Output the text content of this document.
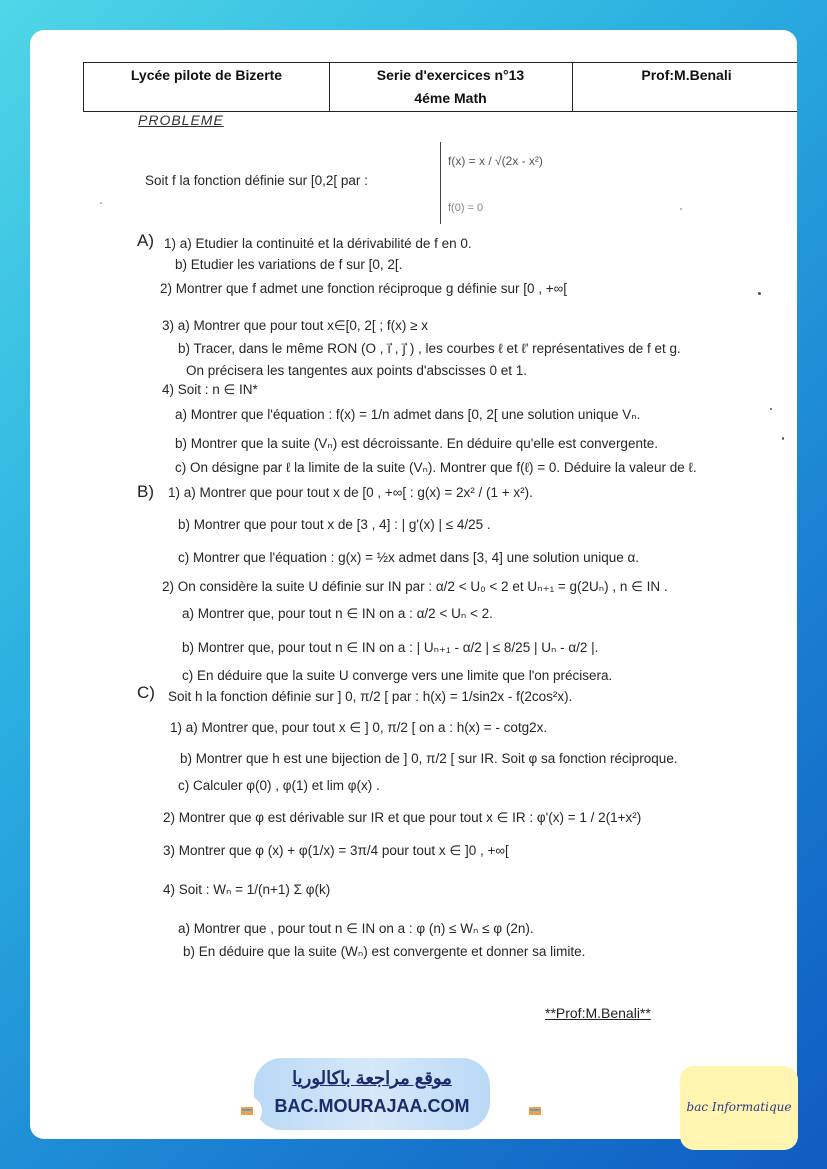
Lycée pilote de Bizerte	Serie d'exercices n°13
4éme Math
Prof:M.Benali
PROBLEME
Soit f la fonction définie sur [0,2[ par :
f(x) = x / √(2x - x²)
f(0) = 0
A) 1) a) Etudier la continuité et la dérivabilité de f en 0.
b) Etudier les variations de f sur [0, 2[.
2) Montrer que f admet une fonction réciproque g définie sur [0 , +∞[
3) a) Montrer que pour tout x∈[0, 2[ ; f(x) ≥ x
b) Tracer, dans le même RON (O , i⃗ , j⃗ ) , les courbes ℓ et ℓ' représentatives de f et g.
On précisera les tangentes aux points d'abscisses 0 et 1.
4) Soit : n ∈ IN*
a) Montrer que l'équation : f(x) = 1/n admet dans [0, 2[ une solution unique Vₙ.
b) Montrer que la suite (Vₙ) est décroissante. En déduire qu'elle est convergente.
c) On désigne par ℓ la limite de la suite (Vₙ). Montrer que f(ℓ) = 0. Déduire la valeur de ℓ.
B) 1) a) Montrer que pour tout x de [0 , +∞[ : g(x) = 2x² / (1 + x²).
b) Montrer que pour tout x de [3 , 4] : | g'(x) | ≤ 4/25 .
c) Montrer que l'équation : g(x) = ½x admet dans [3, 4] une solution unique α.
2) On considère la suite U définie sur IN par : α/2 < U₀ < 2 et Uₙ₊₁ = g(2Uₙ) , n ∈ IN .
a) Montrer que, pour tout n ∈ IN on a : α/2 < Uₙ < 2.
b) Montrer que, pour tout n ∈ IN on a : | Uₙ₊₁ - α/2 | ≤ 8/25 | Uₙ - α/2 |.
c) En déduire que la suite U converge vers une limite que l'on précisera.
C) Soit h la fonction définie sur ] 0, π/2 [ par : h(x) = 1/sin2x - f(2cos²x).
1) a) Montrer que, pour tout x ∈ ] 0, π/2 [ on a : h(x) = - cotg2x.
b) Montrer que h est une bijection de ] 0, π/2 [ sur IR. Soit φ sa fonction réciproque.
c) Calculer φ(0) , φ(1) et lim φ(x) .
2) Montrer que φ est dérivable sur IR et que pour tout x ∈ IR : φ'(x) = 1 / 2(1+x²)
3) Montrer que φ (x) + φ(1/x) = 3π/4 pour tout x ∈ ]0 , +∞[
4) Soit : Wₙ = 1/(n+1) Σ φ(k)
a) Montrer que , pour tout n ∈ IN on a : φ (n) ≤ Wₙ ≤ φ (2n).
b) En déduire que la suite (Wₙ) est convergente et donner sa limite.
**Prof:M.Benali**
موقع مراجعة باكالوريا
BAC.MOURAJAA.COM	bac Informatique
